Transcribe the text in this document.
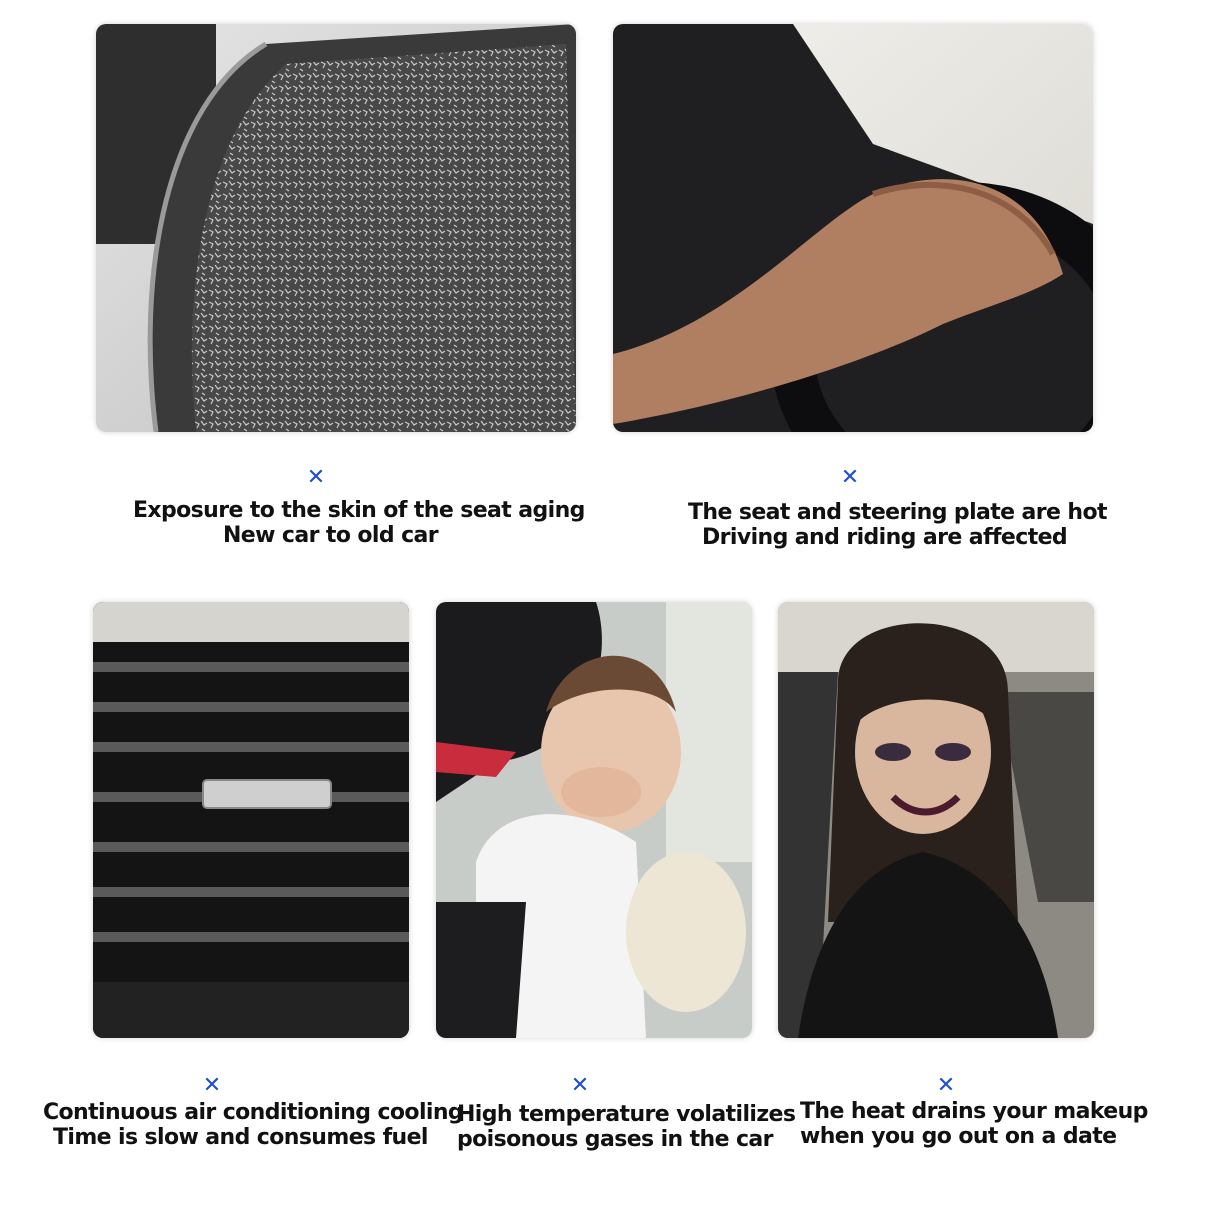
✕
Exposure to the skin of the seat aging
New car to old car
✕
The seat and steering plate are hot
Driving and riding are affected
✕
Continuous air conditioning cooling
Time is slow and consumes fuel
✕
High temperature volatilizes
poisonous gases in the car
✕
The heat drains your makeup
when you go out on a date
